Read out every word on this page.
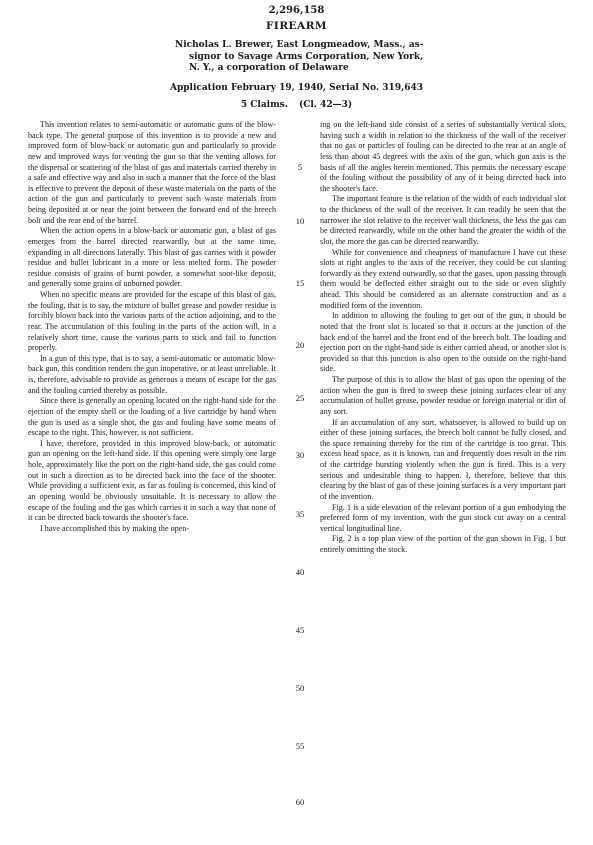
2,296,158
FIREARM
Nicholas L. Brewer, East Longmeadow, Mass., as-
signor to Savage Arms Corporation, New York,
N. Y., a corporation of Delaware
Application February 19, 1940, Serial No. 319,643
5 Claims. (Cl. 42—3)

This invention relates to semi-automatic or automatic guns of the blow-back type. The general purpose of this invention is to provide a new and improved form of blow-back or automatic gun and particularly to provide new and improved ways for venting the gun so that the venting allows for the dispersal or scattering of the blast of gas and materials carried thereby in a safe and effective way and also in such a manner that the force of the blast is effective to prevent the deposit of these waste materials on the parts of the action of the gun and particularly to prevent such waste materials from being deposited at or near the joint between the forward end of the breech bolt and the rear end of the barrel.

When the action opens in a blow-back or automatic gun, a blast of gas emerges from the barrel directed rearwardly, but at the same time, expanding in all directions laterally. This blast of gas carries with it powder residue and bullet lubricant in a more or less melted form. The powder residue consists of grains of burnt powder, a somewhat soot-like deposit, and generally some grains of unburned powder.

When no specific means are provided for the escape of this blast of gas, the fouling, that is to say, the mixture of bullet grease and powder residue is forcibly blown back into the various parts of the action adjoining, and to the rear. The accumulation of this fouling in the parts of the action will, in a relatively short time, cause the various parts to stick and fail to function properly.

In a gun of this type, that is to say, a semi-automatic or automatic blow-back gun, this condition renders the gun inoperative, or at least unreliable. It is, therefore, advisable to provide as generous a means of escape for the gas and the fouling carried thereby as possible.

Since there is generally an opening located on the right-hand side for the ejection of the empty shell or the loading of a live cartridge by hand when the gun is used as a single shot, the gas and fouling have some means of escape to the right. This, however, is not sufficient.

I have, therefore, provided in this improved blow-back, or automatic gun an opening on the left-hand side. If this opening were simply one large hole, approximately like the port on the right-hand side, the gas could come out in such a direction as to be directed back into the face of the shooter. While providing a sufficient exit, as far as fouling is concerned, this kind of an opening would be obviously unsuitable. It is necessary to allow the escape of the fouling and the gas which carries it in such a way that none of it can be directed back towards the shooter's face.

I have accomplished this by making the open-

5
10
15
20
25
30
35
40
45
50
55
60

ing on the left-hand side consist of a series of substantially vertical slots, having such a width in relation to the thickness of the wall of the receiver that no gas or particles of fouling can be directed to the rear at an angle of less than about 45 degrees with the axis of the gun, which gun axis is the basis of all the angles herein mentioned. This permits the necessary escape of the fouling without the possibility of any of it being directed back into the shooter's face.

The important feature is the relation of the width of each individual slot to the thickness of the wall of the receiver. It can readily be seen that the narrower the slot relative to the receiver wall thickness, the less the gas can be directed rearwardly, while on the other hand the greater the width of the slot, the more the gas can be directed rearwardly.

While for convenience and cheapness of manufacture I have cut these slots at right angles to the axis of the receiver, they could be cut slanting forwardly as they extend outwardly, so that the gases, upon passing through them would be deflected either straight out to the side or even slightly ahead. This should be considered as an alternate construction and as a modified form of the invention.

In addition to allowing the fouling to get out of the gun, it should be noted that the front slot is located so that it occurs at the junction of the back end of the barrel and the front end of the breech bolt. The loading and ejection port on the right-hand side is either carried ahead, or another slot is provided so that this junction is also open to the outside on the right-hand side.

The purpose of this is to allow the blast of gas upon the opening of the action when the gun is fired to sweep these joining surfaces clear of any accumulation of bullet grease, powder residue or foreign material or dirt of any sort.

If an accumulation of any sort, whatsoever, is allowed to build up on either of these joining surfaces, the breech bolt cannot be fully closed, and the space remaining thereby for the rim of the cartridge is too great. This excess head space, as it is known, can and frequently does result in the rim of the cartridge bursting violently when the gun is fired. This is a very serious and undesirable thing to happen. I, therefore, believe that this clearing by the blast of gas of these joining surfaces is a very important part of the invention.

Fig. 1 is a side elevation of the relevant portion of a gun embodying the preferred form of my invention, with the gun stock cut away on a central vertical longitudinal line.

Fig. 2 is a top plan view of the portion of the gun shown in Fig. 1 but entirely omitting the stock.
